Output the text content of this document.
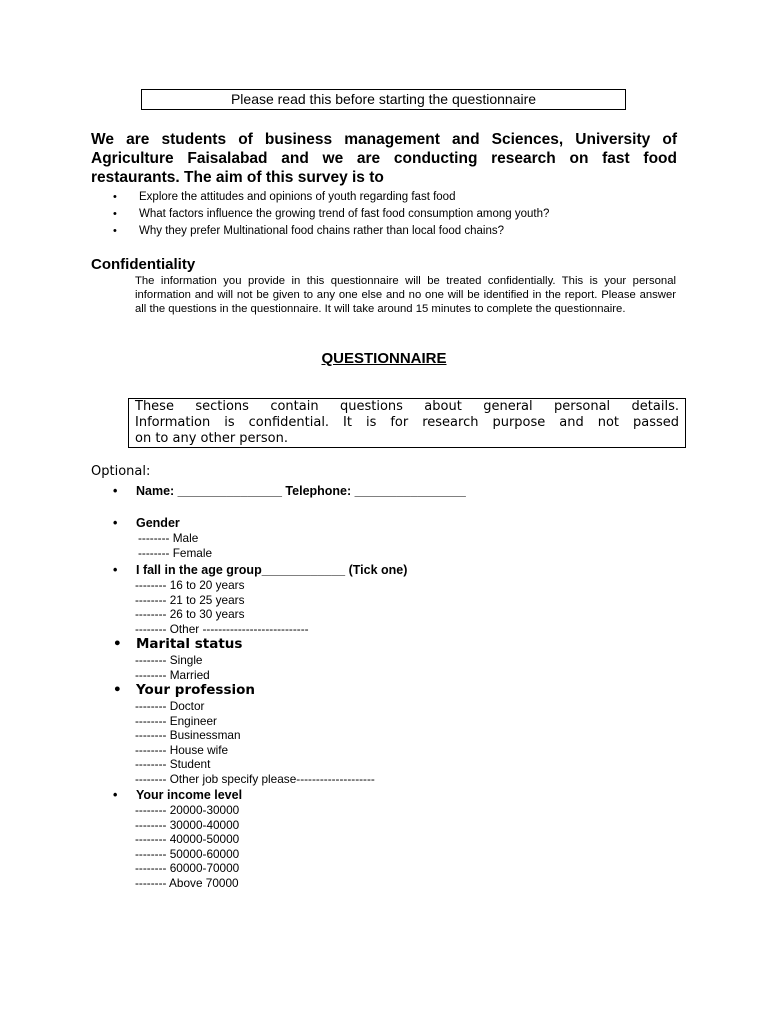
Please read this before starting the questionnaire
We are students of business management and Sciences, University of
Agriculture Faisalabad and we are conducting research on fast food
restaurants. The aim of this survey is to
• Explore the attitudes and opinions of youth regarding fast food
• What factors influence the growing trend of fast food consumption among youth?
• Why they prefer Multinational food chains rather than local food chains?
Confidentiality
The information you provide in this questionnaire will be treated confidentially. This is your personal information and will not be given to any one else and no one will be identified in the report. Please answer all the questions in the questionnaire. It will take around 15 minutes to complete the questionnaire.
QUESTIONNAIRE
These sections contain questions about general personal details.
Information is confidential. It is for research purpose and not passed
on to any other person.
Optional:
• Name: _______________ Telephone: ________________
• Gender
-------- Male
-------- Female
• I fall in the age group____________ (Tick one)
-------- 16 to 20 years
-------- 21 to 25 years
-------- 26 to 30 years
-------- Other ---------------------------
• Marital status
-------- Single
-------- Married
• Your profession
-------- Doctor
-------- Engineer
-------- Businessman
-------- House wife
-------- Student
-------- Other job specify please--------------------
• Your income level
-------- 20000-30000
-------- 30000-40000
-------- 40000-50000
-------- 50000-60000
-------- 60000-70000
-------- Above 70000
